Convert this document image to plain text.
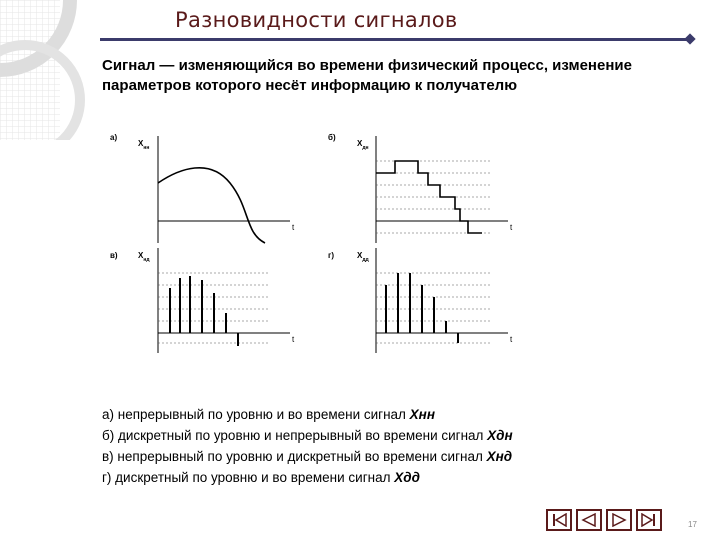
Разновидности сигналов
Сигнал — изменяющийся во времени физический процесс, изменение параметров которого несёт информацию к получателю
а)
$X_{нн}$
t
б)
$X_{дн}$
t
в)	$X_{нд}$
t
г)	$X_{дд}$
t
а) непрерывный по уровню и во времени сигнал Хнн
б) дискретный по уровню и непрерывный во времени сигнал Хдн
в) непрерывный по уровню и дискретный во времени сигнал Хнд
г) дискретный по уровню и во времени сигнал Хдд
17
